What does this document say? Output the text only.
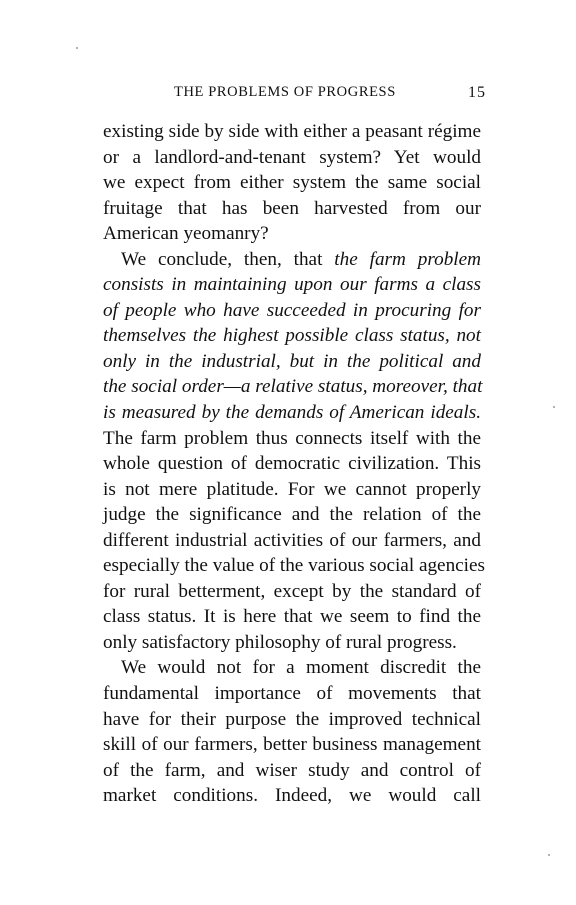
THE PROBLEMS OF PROGRESS	15
existing side by side with either a peasant régime
or a landlord-and-tenant system? Yet would
we expect from either system the same social
fruitage that has been harvested from our
American yeomanry?
We conclude, then, that the farm problem
consists in maintaining upon our farms a class
of people who have succeeded in procuring for
themselves the highest possible class status, not
only in the industrial, but in the political and
the social order—a relative status, moreover, that
is measured by the demands of American ideals.
The farm problem thus connects itself with the
whole question of democratic civilization. This
is not mere platitude. For we cannot properly
judge the significance and the relation of the
different industrial activities of our farmers, and
especially the value of the various social agencies
for rural betterment, except by the standard of
class status. It is here that we seem to find the
only satisfactory philosophy of rural progress.
We would not for a moment discredit the
fundamental importance of movements that
have for their purpose the improved technical
skill of our farmers, better business management
of the farm, and wiser study and control of
market conditions. Indeed, we would call
